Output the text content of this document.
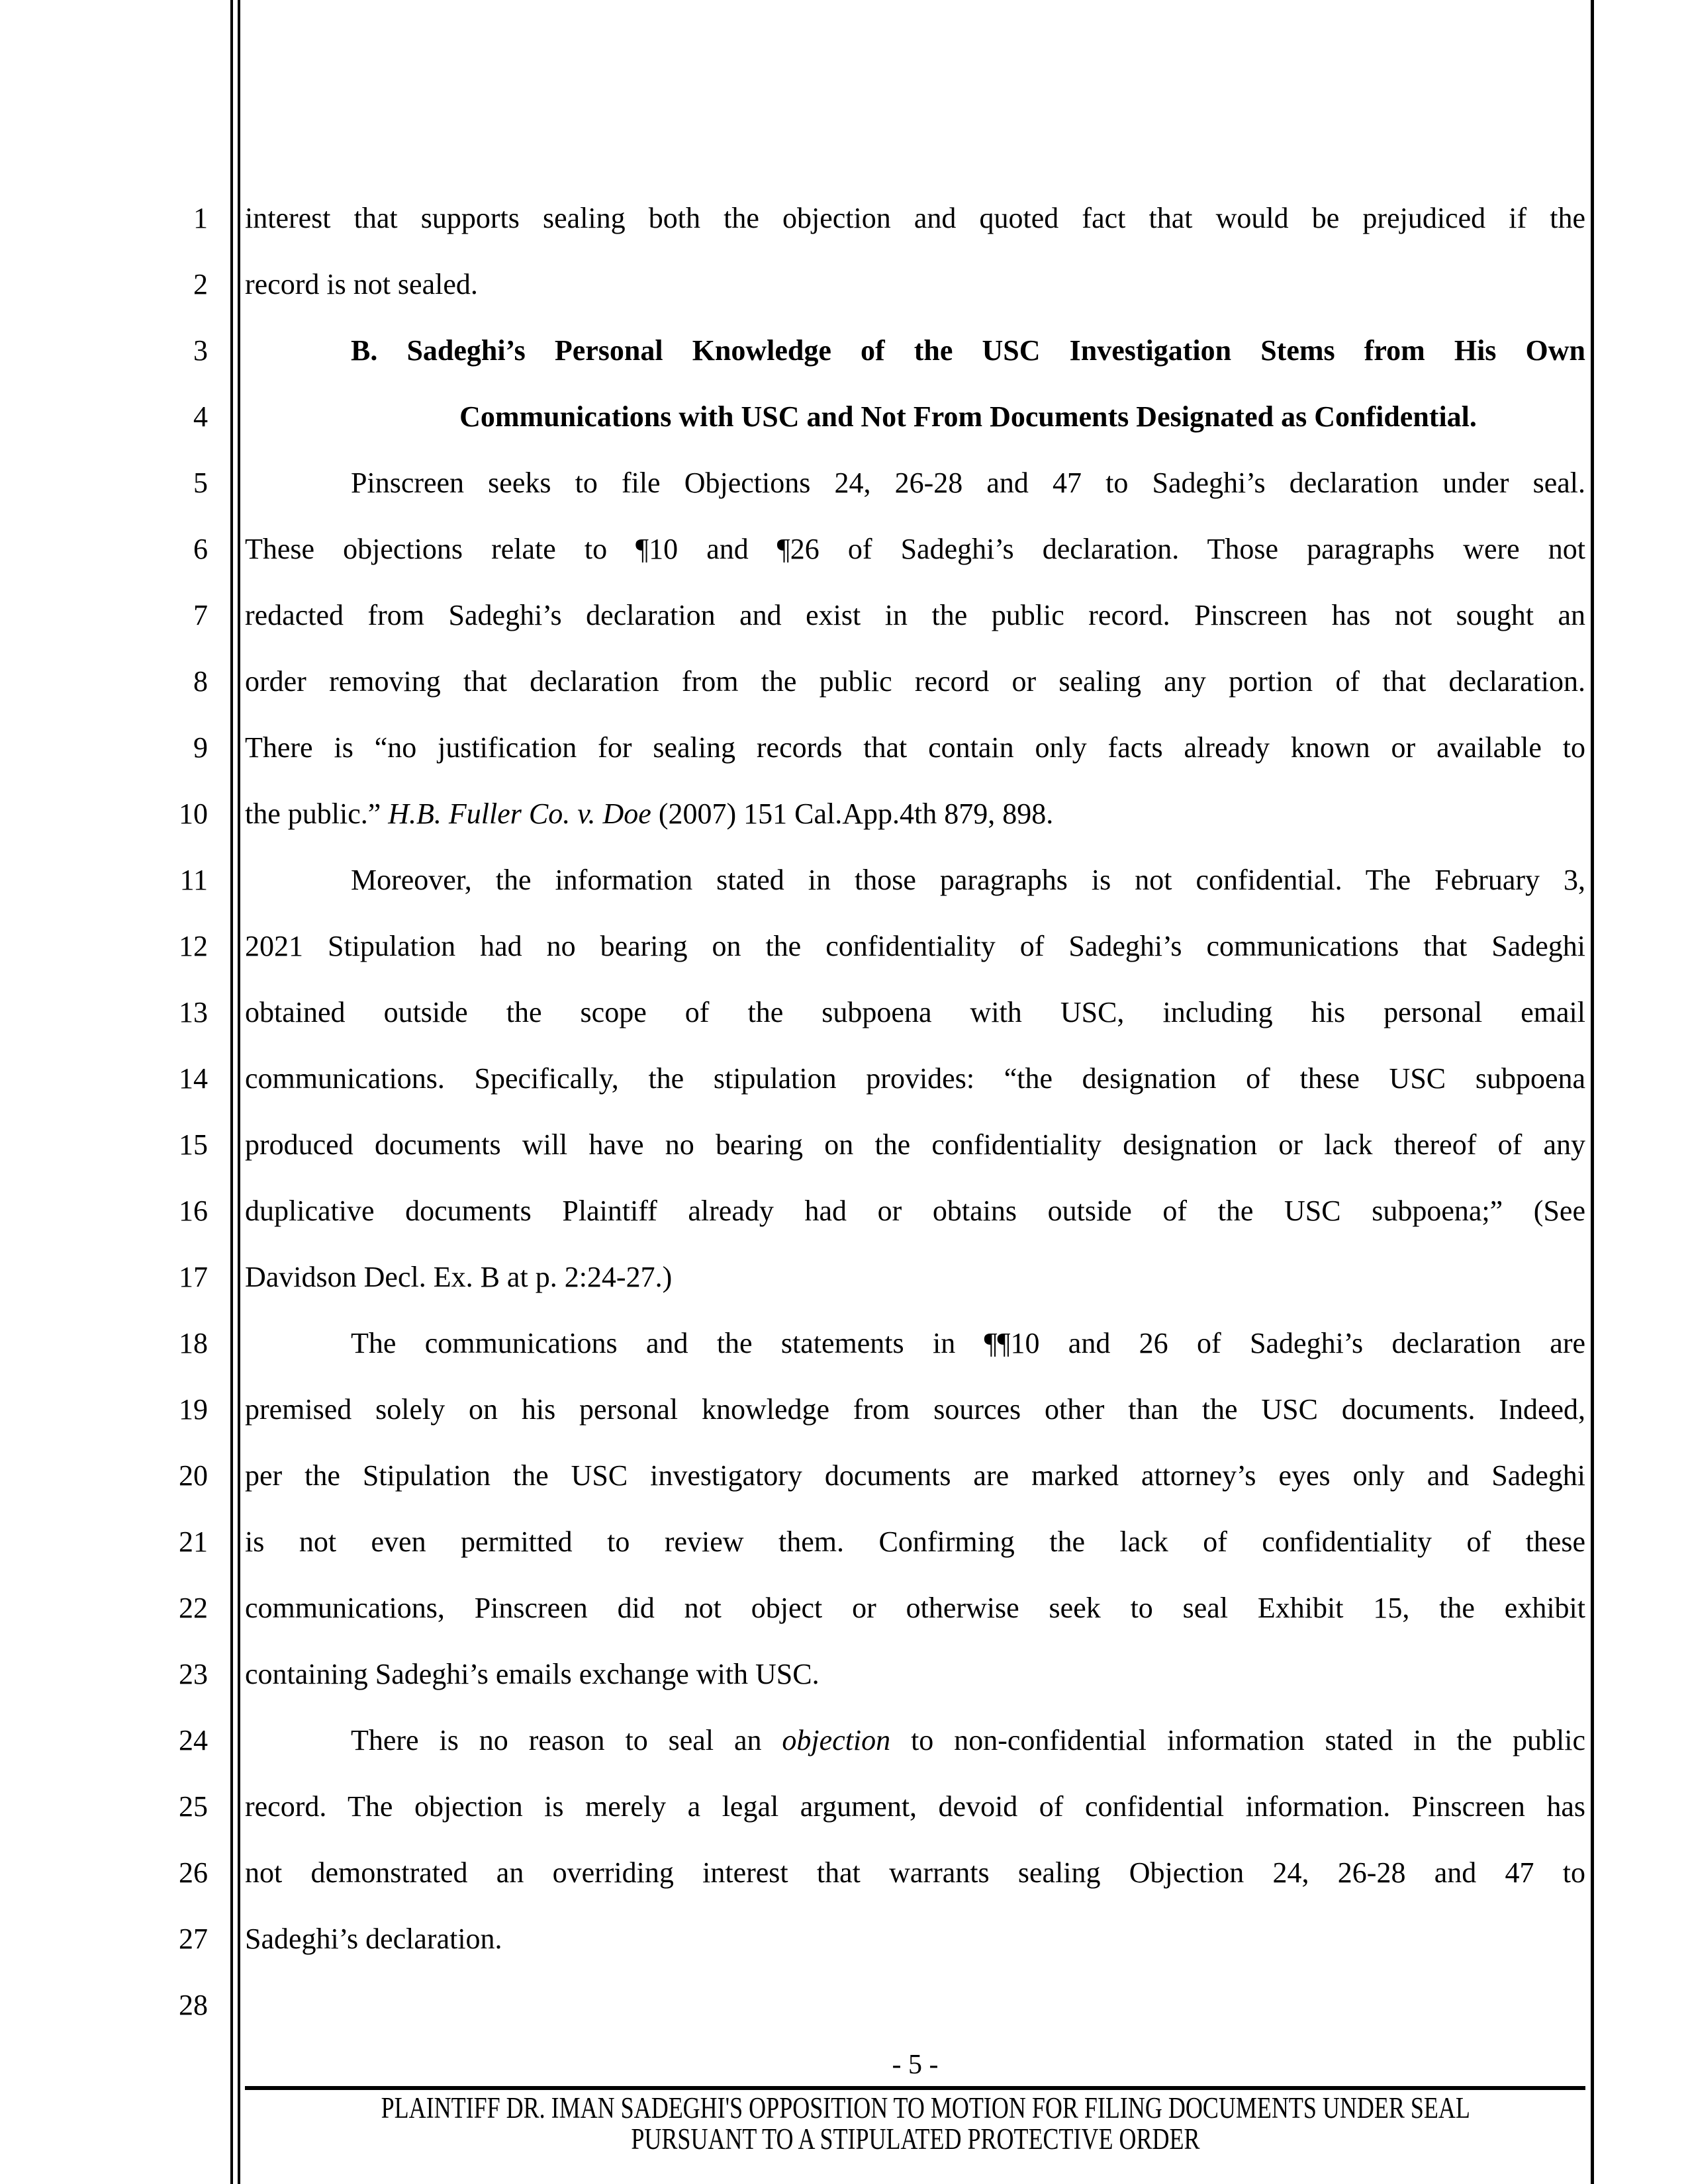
1	interest that supports sealing both the objection and quoted fact that would be prejudiced if the
2	record is not sealed.
3	B. Sadeghi’s Personal Knowledge of the USC Investigation Stems from His Own
4	Communications with USC and Not From Documents Designated as Confidential.
5	Pinscreen seeks to file Objections 24, 26-28 and 47 to Sadeghi’s declaration under seal.
6	These objections relate to ¶10 and ¶26 of Sadeghi’s declaration. Those paragraphs were not
7	redacted from Sadeghi’s declaration and exist in the public record. Pinscreen has not sought an
8	order removing that declaration from the public record or sealing any portion of that declaration.
9	There is “no justification for sealing records that contain only facts already known or available to
10	the public.” H.B. Fuller Co. v. Doe (2007) 151 Cal.App.4th 879, 898.
11	Moreover, the information stated in those paragraphs is not confidential. The February 3,
12	2021 Stipulation had no bearing on the confidentiality of Sadeghi’s communications that Sadeghi
13	obtained outside the scope of the subpoena with USC, including his personal email
14	communications. Specifically, the stipulation provides: “the designation of these USC subpoena
15	produced documents will have no bearing on the confidentiality designation or lack thereof of any
16	duplicative documents Plaintiff already had or obtains outside of the USC subpoena;” (See
17	Davidson Decl. Ex. B at p. 2:24-27.)
18	The communications and the statements in ¶¶10 and 26 of Sadeghi’s declaration are
19	premised solely on his personal knowledge from sources other than the USC documents. Indeed,
20	per the Stipulation the USC investigatory documents are marked attorney’s eyes only and Sadeghi
21	is not even permitted to review them. Confirming the lack of confidentiality of these
22	communications, Pinscreen did not object or otherwise seek to seal Exhibit 15, the exhibit
23	containing Sadeghi’s emails exchange with USC.
24	There is no reason to seal an objection to non-confidential information stated in the public
25	record. The objection is merely a legal argument, devoid of confidential information. Pinscreen has
26	not demonstrated an overriding interest that warrants sealing Objection 24, 26-28 and 47 to
27	Sadeghi’s declaration.
28
- 5 -
PLAINTIFF DR. IMAN SADEGHI'S OPPOSITION TO MOTION FOR FILING DOCUMENTS UNDER SEAL
PURSUANT TO A STIPULATED PROTECTIVE ORDER
